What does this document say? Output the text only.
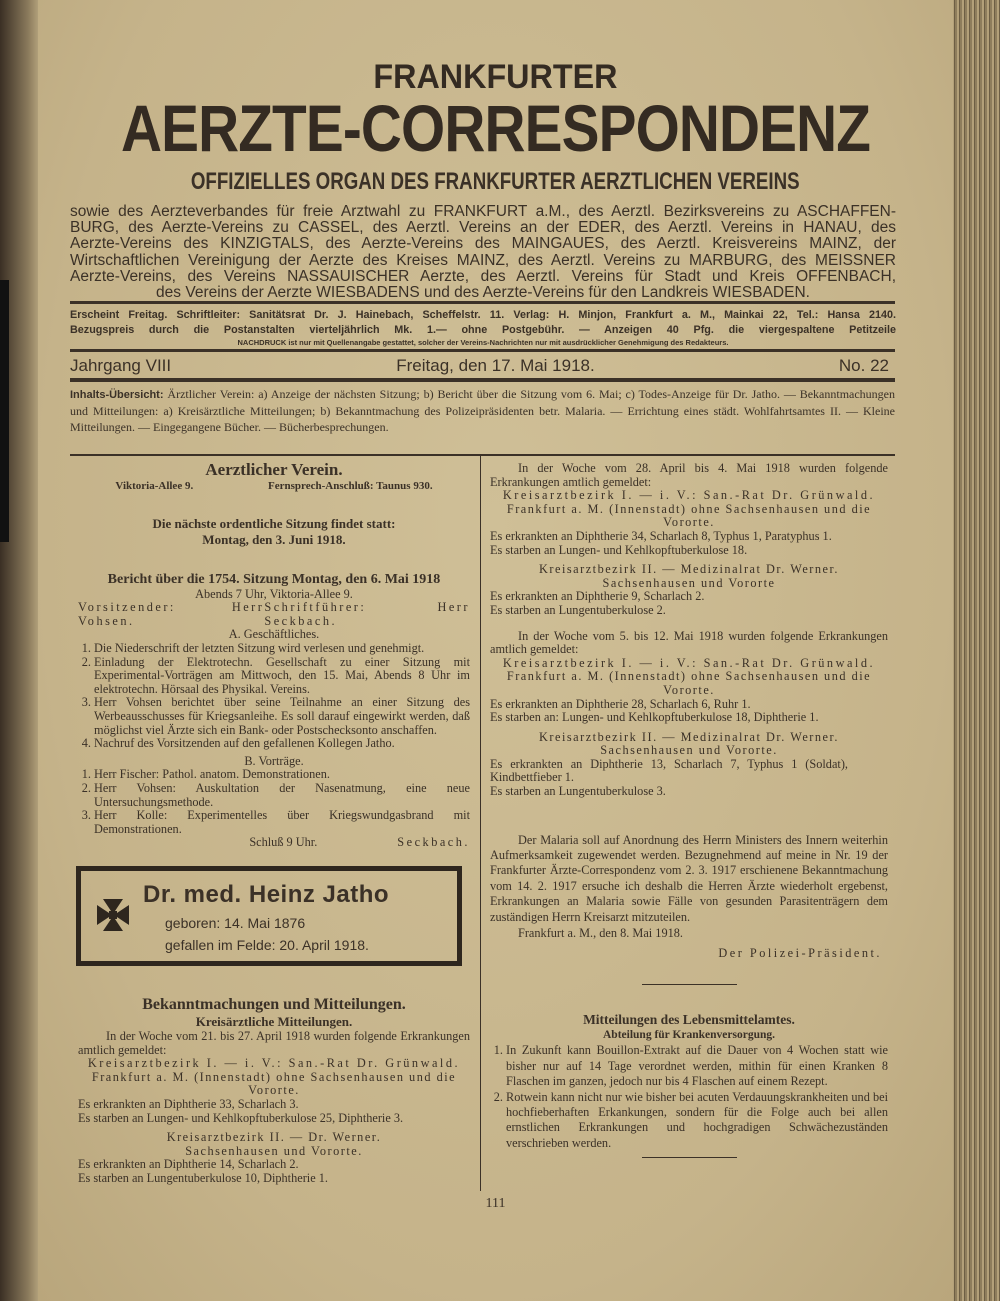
FRANKFURTER
AERZTE-CORRESPONDENZ
OFFIZIELLES ORGAN DES FRANKFURTER AERZTLICHEN VEREINS
sowie des Aerzteverbandes für freie Arztwahl zu FRANKFURT a.M., des Aerztl. Bezirksvereins zu ASCHAFFEN-
BURG, des Aerzte-Vereins zu CASSEL, des Aerztl. Vereins an der EDER, des Aerztl. Vereins in HANAU, des
Aerzte-Vereins des KINZIGTALS, des Aerzte-Vereins des MAINGAUES, des Aerztl. Kreisvereins MAINZ, der
Wirtschaftlichen Vereinigung der Aerzte des Kreises MAINZ, des Aerztl. Vereins zu MARBURG, des MEISSNER
Aerzte-Vereins, des Vereins NASSAUISCHER Aerzte, des Aerztl. Vereins für Stadt und Kreis OFFENBACH,
des Vereins der Aerzte WIESBADENS und des Aerzte-Vereins für den Landkreis WIESBADEN.
Erscheint Freitag. Schriftleiter: Sanitätsrat Dr. J. Hainebach, Scheffelstr. 11. Verlag: H. Minjon, Frankfurt a. M., Mainkai 22, Tel.: Hansa 2140.
Bezugspreis durch die Postanstalten vierteljährlich Mk. 1.— ohne Postgebühr. — Anzeigen 40 Pfg. die viergespaltene Petitzeile
NACHDRUCK ist nur mit Quellenangabe gestattet, solcher der Vereins-Nachrichten nur mit ausdrücklicher Genehmigung des Redakteurs.
Jahrgang VIII	Freitag, den 17. Mai 1918.	No. 22
Inhalts-Übersicht: Ärztlicher Verein: a) Anzeige der nächsten Sitzung; b) Bericht über die Sitzung vom 6. Mai; c) Todes-Anzeige für Dr. Jatho. — Bekanntmachungen und Mitteilungen: a) Kreisärztliche Mitteilungen; b) Bekanntmachung des Polizeipräsidenten betr. Malaria. — Errichtung eines städt. Wohlfahrtsamtes II. — Kleine Mitteilungen. — Eingegangene Bücher. — Bücherbesprechungen.
Aerztlicher Verein.
Viktoria-Allee 9.	Fernsprech-Anschluß: Taunus 930.
Die nächste ordentliche Sitzung findet statt:
Montag, den 3. Juni 1918.
Bericht über die 1754. Sitzung Montag, den 6. Mai 1918
Abends 7 Uhr, Viktoria-Allee 9.
Vorsitzender: Herr Vohsen.
Schriftführer: Herr Seckbach.
A. Geschäftliches.
1. Die Niederschrift der letzten Sitzung wird verlesen und genehmigt.
2. Einladung der Elektrotechn. Gesellschaft zu einer Sitzung mit Experimental-Vorträgen am Mittwoch, den 15. Mai, Abends 8 Uhr im elektrotechn. Hörsaal des Physikal. Vereins.
3. Herr Vohsen berichtet über seine Teilnahme an einer Sitzung des Werbeausschusses für Kriegsanleihe. Es soll darauf eingewirkt werden, daß möglichst viel Ärzte sich ein Bank- oder Postschecksonto anschaffen.
4. Nachruf des Vorsitzenden auf den gefallenen Kollegen Jatho.
B. Vorträge.
1. Herr Fischer: Pathol. anatom. Demonstrationen.
2. Herr Vohsen: Auskultation der Nasenatmung, eine neue Untersuchungsmethode.
3. Herr Kolle: Experimentelles über Kriegswundgasbrand mit Demonstrationen.
Schluß 9 Uhr.	Seckbach.
Dr. med. Heinz Jatho
geboren: 14. Mai 1876
gefallen im Felde: 20. April 1918.
Bekanntmachungen und Mitteilungen.
Kreisärztliche Mitteilungen.

In der Woche vom 21. bis 27. April 1918 wurden folgende Erkrankungen amtlich gemeldet:

Kreisarztbezirk I. — i. V.: San.-Rat Dr. Grünwald.

Frankfurt a. M. (Innenstadt) ohne Sachsenhausen und die Vororte.

Es erkrankten an Diphtherie 33, Scharlach 3.

Es starben an Lungen- und Kehlkopftuberkulose 25, Diphtherie 3.

Kreisarztbezirk II. — Dr. Werner. Sachsenhausen und Vororte.

Es erkrankten an Diphtherie 14, Scharlach 2.

Es starben an Lungentuberkulose 10, Diphtherie 1.

In der Woche vom 28. April bis 4. Mai 1918 wurden folgende Erkrankungen amtlich gemeldet:

Kreisarztbezirk I. — i. V.: San.-Rat Dr. Grünwald.

Frankfurt a. M. (Innenstadt) ohne Sachsenhausen und die Vororte.

Es erkrankten an Diphtherie 34, Scharlach 8, Typhus 1, Paratyphus 1.

Es starben an Lungen- und Kehlkopftuberkulose 18.

Kreisarztbezirk II. — Medizinalrat Dr. Werner. Sachsenhausen und Vororte

Es erkrankten an Diphtherie 9, Scharlach 2.

Es starben an Lungentuberkulose 2.

In der Woche vom 5. bis 12. Mai 1918 wurden folgende Erkrankungen amtlich gemeldet:

Kreisarztbezirk I. — i. V.: San.-Rat Dr. Grünwald.

Frankfurt a. M. (Innenstadt) ohne Sachsenhausen und die Vororte.

Es erkrankten an Diphtherie 28, Scharlach 6, Ruhr 1.

Es starben an: Lungen- und Kehlkopftuberkulose 18, Diphtherie 1.

Kreisarztbezirk II. — Medizinalrat Dr. Werner. Sachsenhausen und Vororte.

Es erkrankten an Diphtherie 13, Scharlach 7, Typhus 1 (Soldat), Kindbettfieber 1.

Es starben an Lungentuberkulose 3.

Der Malaria soll auf Anordnung des Herrn Ministers des Innern weiterhin Aufmerksamkeit zugewendet werden. Bezugnehmend auf meine in Nr. 19 der Frankfurter Ärzte-Correspondenz vom 2. 3. 1917 erschienene Bekanntmachung vom 14. 2. 1917 ersuche ich deshalb die Herren Ärzte wiederholt ergebenst, Erkrankungen an Malaria sowie Fälle von gesunden Parasitenträgern dem zuständigen Herrn Kreisarzt mitzuteilen.

Frankfurt a. M., den 8. Mai 1918.

Der Polizei-Präsident.

Mitteilungen des Lebensmittelamtes.
Abteilung für Krankenversorgung.
1. In Zukunft kann Bouillon-Extrakt auf die Dauer von 4 Wochen statt wie bisher nur auf 14 Tage verordnet werden, mithin für einen Kranken 8 Flaschen im ganzen, jedoch nur bis 4 Flaschen auf einem Rezept.
2. Rotwein kann nicht nur wie bisher bei acuten Verdauungskrankheiten und bei hochfieberhaften Erkankungen, sondern für die Folge auch bei allen ernstlichen Erkrankungen und hochgradigen Schwächezuständen verschrieben werden.
111
